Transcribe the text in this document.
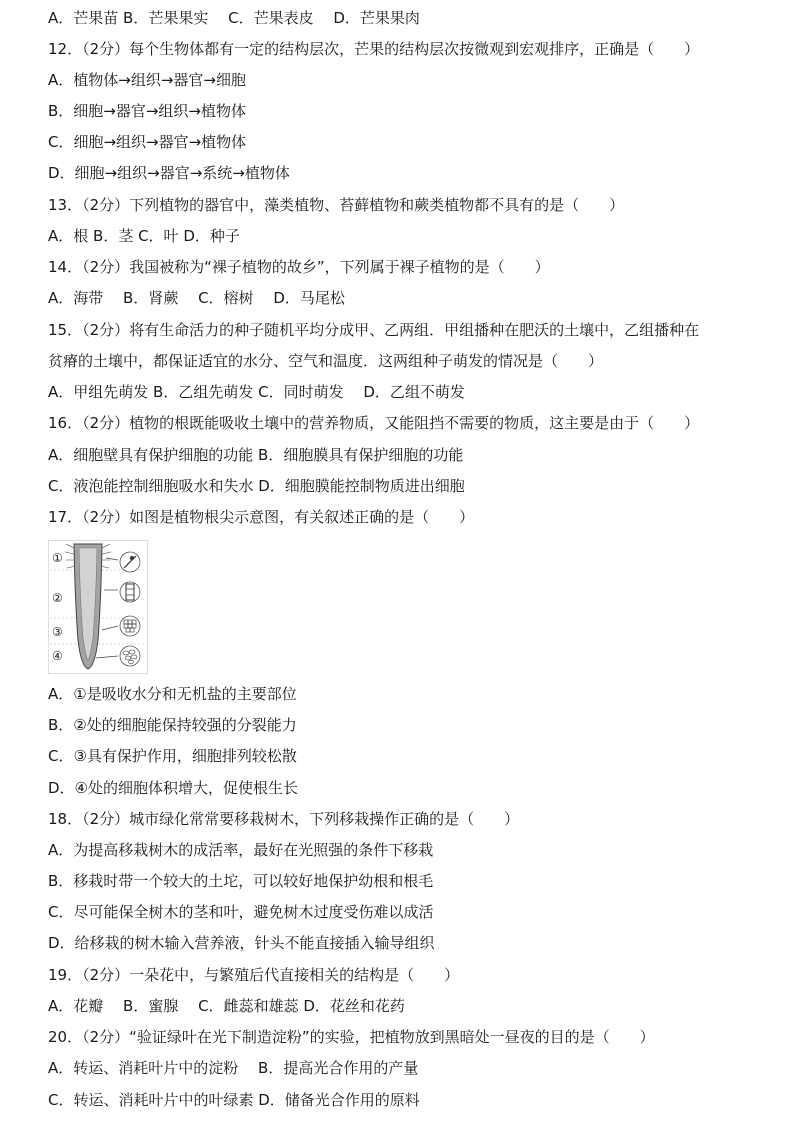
A．芒果苗 B．芒果果实　 C．芒果表皮　 D．芒果果肉
12．（2分）每个生物体都有一定的结构层次，芒果的结构层次按微观到宏观排序，正确是（　　）
A．植物体→组织→器官→细胞
B．细胞→器官→组织→植物体
C．细胞→组织→器官→植物体
D．细胞→组织→器官→系统→植物体
13．（2分）下列植物的器官中，藻类植物、苔藓植物和蕨类植物都不具有的是（　　）
A．根 B．茎 C．叶 D．种子
14．（2分）我国被称为“裸子植物的故乡”，下列属于裸子植物的是（　　）
A．海带　 B．肾蕨　 C．榕树　 D．马尾松
15．（2分）将有生命活力的种子随机平均分成甲、乙两组．甲组播种在肥沃的土壤中，乙组播种在
贫瘠的土壤中，都保证适宜的水分、空气和温度．这两组种子萌发的情况是（　　）
A．甲组先萌发 B．乙组先萌发 C．同时萌发　 D．乙组不萌发
16．（2分）植物的根既能吸收土壤中的营养物质，又能阻挡不需要的物质，这主要是由于（　　）
A．细胞壁具有保护细胞的功能 B．细胞膜具有保护细胞的功能
C．液泡能控制细胞吸水和失水 D．细胞膜能控制物质进出细胞
17．（2分）如图是植物根尖示意图，有关叙述正确的是（　　）
①
②
③
④
A．①是吸收水分和无机盐的主要部位
B．②处的细胞能保持较强的分裂能力
C．③具有保护作用，细胞排列较松散
D．④处的细胞体积增大，促使根生长
18．（2分）城市绿化常常要移栽树木，下列移栽操作正确的是（　　）
A．为提高移栽树木的成活率，最好在光照强的条件下移栽
B．移栽时带一个较大的土坨，可以较好地保护幼根和根毛
C．尽可能保全树木的茎和叶，避免树木过度受伤难以成活
D．给移栽的树木输入营养液，针头不能直接插入输导组织
19．（2分）一朵花中，与繁殖后代直接相关的结构是（　　）
A．花瓣　 B．蜜腺　 C．雌蕊和雄蕊 D．花丝和花药
20．（2分）“验证绿叶在光下制造淀粉”的实验，把植物放到黑暗处一昼夜的目的是（　　）
A．转运、消耗叶片中的淀粉　 B．提高光合作用的产量
C．转运、消耗叶片中的叶绿素 D．储备光合作用的原料
